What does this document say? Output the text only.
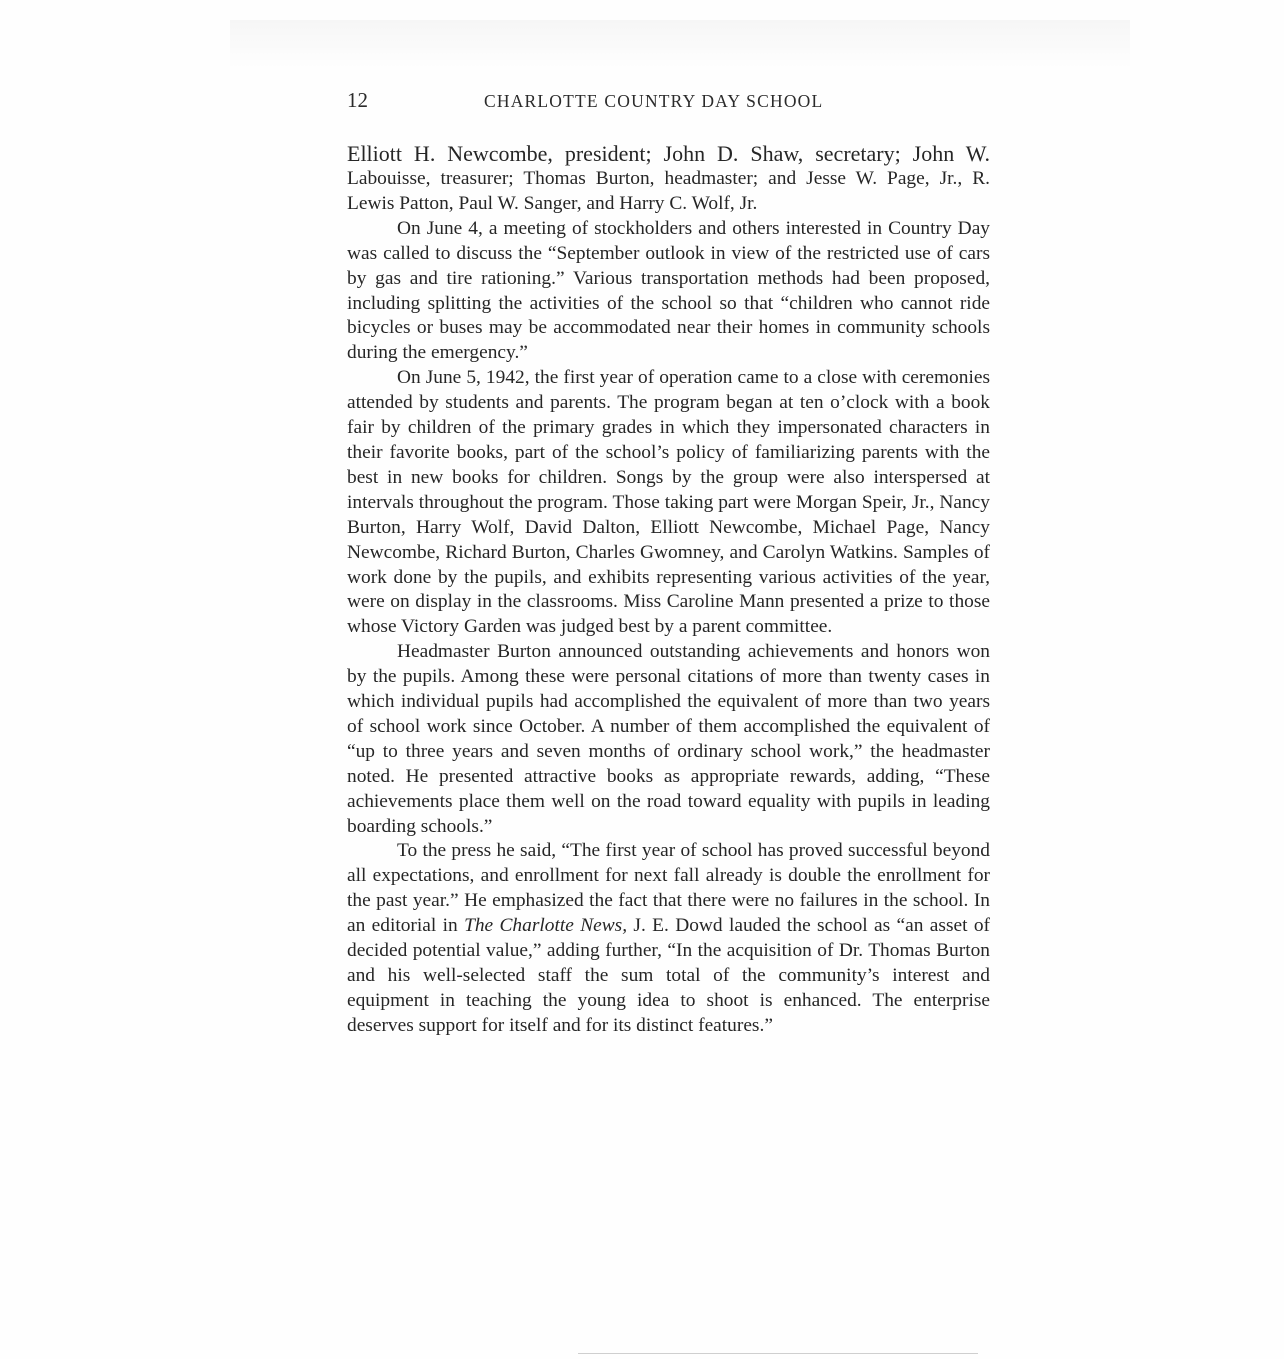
12	CHARLOTTE COUNTRY DAY SCHOOL

Elliott H. Newcombe, president; John D. Shaw, secretary; John W.

Labouisse, treasurer; Thomas Burton, headmaster; and Jesse W. Page, Jr., R. Lewis Patton, Paul W. Sanger, and Harry C. Wolf, Jr.

On June 4, a meeting of stockholders and others interested in Country Day was called to discuss the “September outlook in view of the restricted use of cars by gas and tire rationing.” Various transportation methods had been proposed, including splitting the activities of the school so that “children who cannot ride bicycles or buses may be accommodated near their homes in community schools during the emergency.”

On June 5, 1942, the first year of operation came to a close with ceremonies attended by students and parents. The program began at ten o’clock with a book fair by children of the primary grades in which they impersonated characters in their favorite books, part of the school’s policy of familiarizing parents with the best in new books for children. Songs by the group were also interspersed at intervals throughout the program. Those taking part were Morgan Speir, Jr., Nancy Burton, Harry Wolf, David Dalton, Elliott Newcombe, Michael Page, Nancy Newcombe, Richard Burton, Charles Gwomney, and Carolyn Watkins. Samples of work done by the pupils, and exhibits representing various activities of the year, were on display in the classrooms. Miss Caroline Mann presented a prize to those whose Victory Garden was judged best by a parent committee.

Headmaster Burton announced outstanding achievements and honors won by the pupils. Among these were personal citations of more than twenty cases in which individual pupils had accomplished the equivalent of more than two years of school work since October. A number of them accomplished the equivalent of “up to three years and seven months of ordinary school work,” the headmaster noted. He presented attractive books as appropriate rewards, adding, “These achievements place them well on the road toward equality with pupils in leading boarding schools.”

To the press he said, “The first year of school has proved successful beyond all expectations, and enrollment for next fall already is double the enrollment for the past year.” He emphasized the fact that there were no failures in the school. In an editorial in The Charlotte News, J. E. Dowd lauded the school as “an asset of decided potential value,” adding further, “In the acquisition of Dr. Thomas Burton and his well-selected staff the sum total of the community’s interest and equipment in teaching the young idea to shoot is enhanced. The enterprise deserves support for itself and for its distinct features.”
